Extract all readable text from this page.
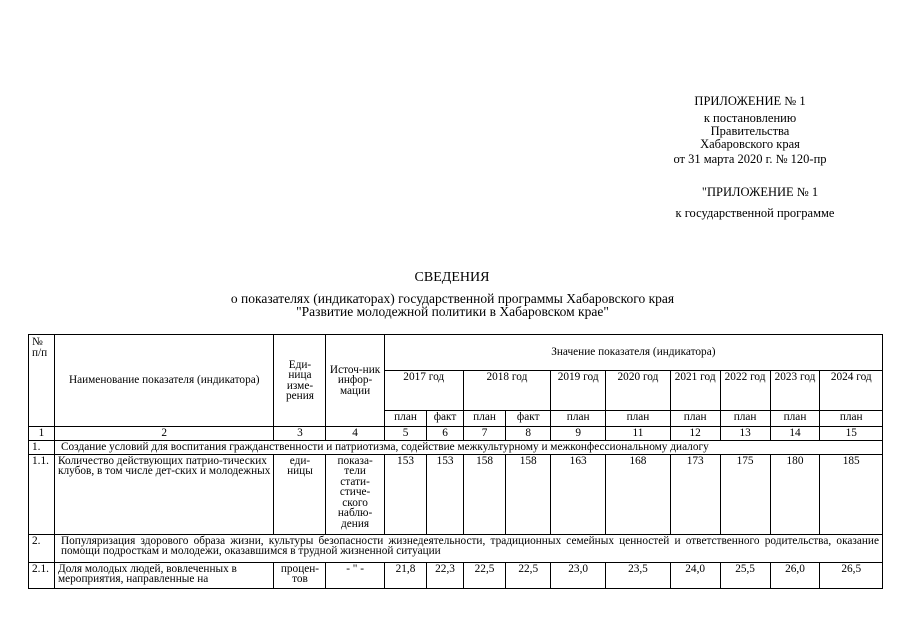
ПРИЛОЖЕНИЕ № 1
к постановлению
Правительства
Хабаровского края
от 31 марта 2020 г. № 120-пр
"ПРИЛОЖЕНИЕ № 1
к государственной программе
СВЕДЕНИЯ
о показателях (индикаторах) государственной программы Хабаровского края
"Развитие молодежной политики в Хабаровском крае"
№ п/п	Наименование показателя (индикатора)	Еди-ница изме-рения	Источ-ник инфор-мации	Значение показателя (индикатора)									
				2017 год		2018 год		2019 год	2020 год	2021 год	2022 год	2023 год	2024 год
				план	факт	план	факт	план	план	план	план	план	план
1	2	3	4	5	6	7	8	9	11	12	13	14	15
1.	Создание условий для воспитания гражданственности и патриотизма, содействие межкультурному и межконфессиональному диалогу												
1.1.	Количество действующих патрио-тических клубов, в том числе дет-ских и молодежных	еди-ницы	показа-тели стати-стиче-ского наблю-дения	153	153	158	158	163	168	173	175	180	185
2.	Популяризация здорового образа жизни, культуры безопасности жизнедеятельности, традиционных семейных ценностей и ответственного родительства, оказание помощи подросткам и молодежи, оказавшимся в трудной жизненной ситуации												
2.1.	Доля молодых людей, вовлеченных в мероприятия, направленные на	процен-тов	- " -	21,8	22,3	22,5	22,5	23,0	23,5	24,0	25,5	26,0	26,5
